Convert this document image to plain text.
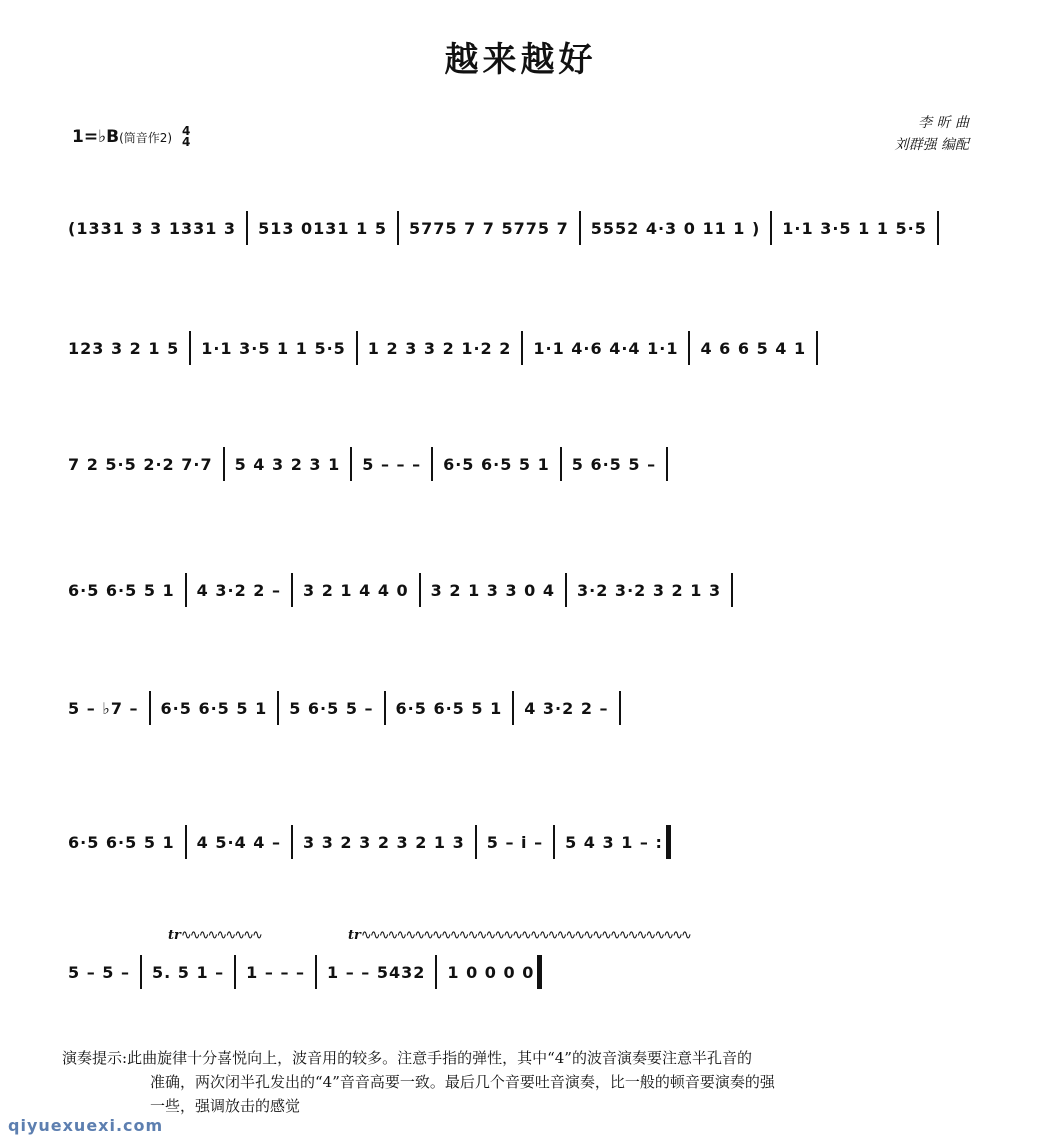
越来越好
1=♭B(筒音作2) 4
4
李 昕 曲
刘群强 编配
(1331 3 3 1331 3 513 0131 1 5 5775 7 7 5775 7 5552 4·3 0 11 1 ) 1·1 3·5 1 1 5·5
123 3 2 1 5 1·1 3·5 1 1 5·5 1 2 3 3 2 1·2 2 1·1 4·6 4·4 1·1 4 6 6 5 4 1
7 2 5·5 2·2 7·7 5 4 3 2 3 1 5 – – – 6·5 6·5 5 1 5 6·5 5 –
6·5 6·5 5 1 4 3·2 2 – 3 2 1 4 4 0 3 2 1 3 3 0 4 3·2 3·2 3 2 1 3
5 – ♭7 – 6·5 6·5 5 1 5 6·5 5 – 6·5 6·5 5 1 4 3·2 2 –
6·5 6·5 5 1 4 5·4 4 – 3 3 2 3 2 3 2 1 3 5 – i – 5 4 3 1 – :
tr∿∿∿∿∿∿∿∿∿	tr∿∿∿∿∿∿∿∿∿∿∿∿∿∿∿∿∿∿∿∿∿∿∿∿∿∿∿∿∿∿∿∿∿∿∿∿∿
5 – 5 – 5. 5 1 – 1 – – – 1 – – 5432 1 0 0 0 0
演奏提示:此曲旋律十分喜悦向上，波音用的较多。注意手指的弹性，其中“4”的波音演奏要注意半孔音的
准确，两次闭半孔发出的“4”音音高要一致。最后几个音要吐音演奏，比一般的顿音要演奏的强
一些，强调放击的感觉
qiyuexuexi.com
